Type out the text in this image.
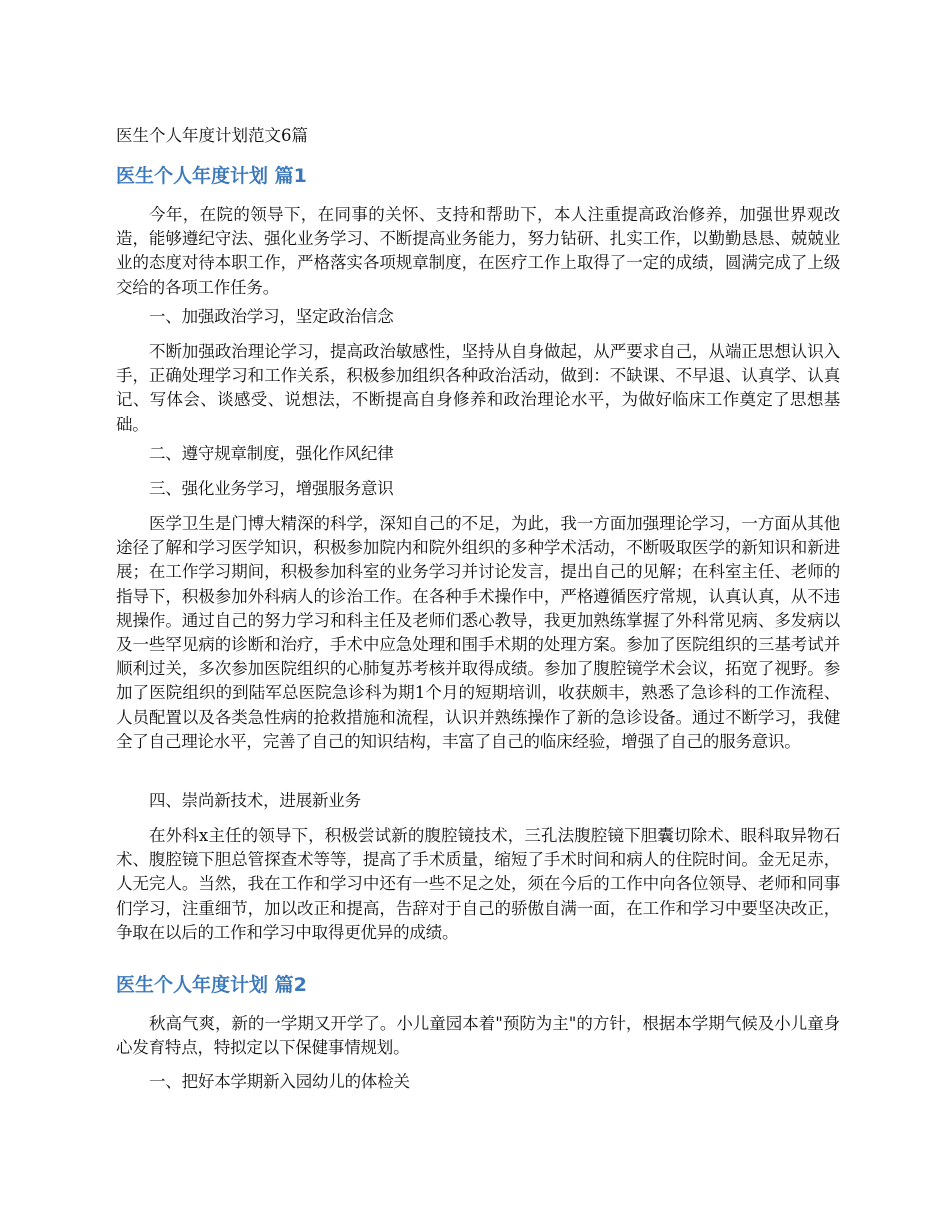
医生个人年度计划范文6篇
医生个人年度计划 篇1
今年，在院的领导下，在同事的关怀、支持和帮助下，本人注重提高政治修养，加强世界观改造，能够遵纪守法、强化业务学习、不断提高业务能力，努力钻研、扎实工作，以勤勤恳恳、兢兢业业的态度对待本职工作，严格落实各项规章制度，在医疗工作上取得了一定的成绩，圆满完成了上级交给的各项工作任务。
一、加强政治学习，坚定政治信念
不断加强政治理论学习，提高政治敏感性，坚持从自身做起，从严要求自己，从端正思想认识入手，正确处理学习和工作关系，积极参加组织各种政治活动，做到：不缺课、不早退、认真学、认真记、写体会、谈感受、说想法，不断提高自身修养和政治理论水平，为做好临床工作奠定了思想基础。
二、遵守规章制度，强化作风纪律
三、强化业务学习，增强服务意识
医学卫生是门博大精深的科学，深知自己的不足，为此，我一方面加强理论学习，一方面从其他途径了解和学习医学知识，积极参加院内和院外组织的多种学术活动，不断吸取医学的新知识和新进展；在工作学习期间，积极参加科室的业务学习并讨论发言，提出自己的见解；在科室主任、老师的指导下，积极参加外科病人的诊治工作。在各种手术操作中，严格遵循医疗常规，认真认真，从不违规操作。通过自己的努力学习和科主任及老师们悉心教导，我更加熟练掌握了外科常见病、多发病以及一些罕见病的诊断和治疗，手术中应急处理和围手术期的处理方案。参加了医院组织的三基考试并顺利过关，多次参加医院组织的心肺复苏考核并取得成绩。参加了腹腔镜学术会议，拓宽了视野。参加了医院组织的到陆军总医院急诊科为期1个月的短期培训，收获颇丰，熟悉了急诊科的工作流程、人员配置以及各类急性病的抢救措施和流程，认识并熟练操作了新的急诊设备。通过不断学习，我健全了自己理论水平，完善了自己的知识结构，丰富了自己的临床经验，增强了自己的服务意识。
四、崇尚新技术，进展新业务
在外科x主任的领导下，积极尝试新的腹腔镜技术，三孔法腹腔镜下胆囊切除术、眼科取异物石术、腹腔镜下胆总管探查术等等，提高了手术质量，缩短了手术时间和病人的住院时间。金无足赤，人无完人。当然，我在工作和学习中还有一些不足之处，须在今后的工作中向各位领导、老师和同事们学习，注重细节，加以改正和提高，告辞对于自己的骄傲自满一面，在工作和学习中要坚决改正，争取在以后的工作和学习中取得更优异的成绩。
医生个人年度计划 篇2
秋高气爽，新的一学期又开学了。小儿童园本着"预防为主"的方针，根据本学期气候及小儿童身心发育特点，特拟定以下保健事情规划。
一、把好本学期新入园幼儿的体检关
